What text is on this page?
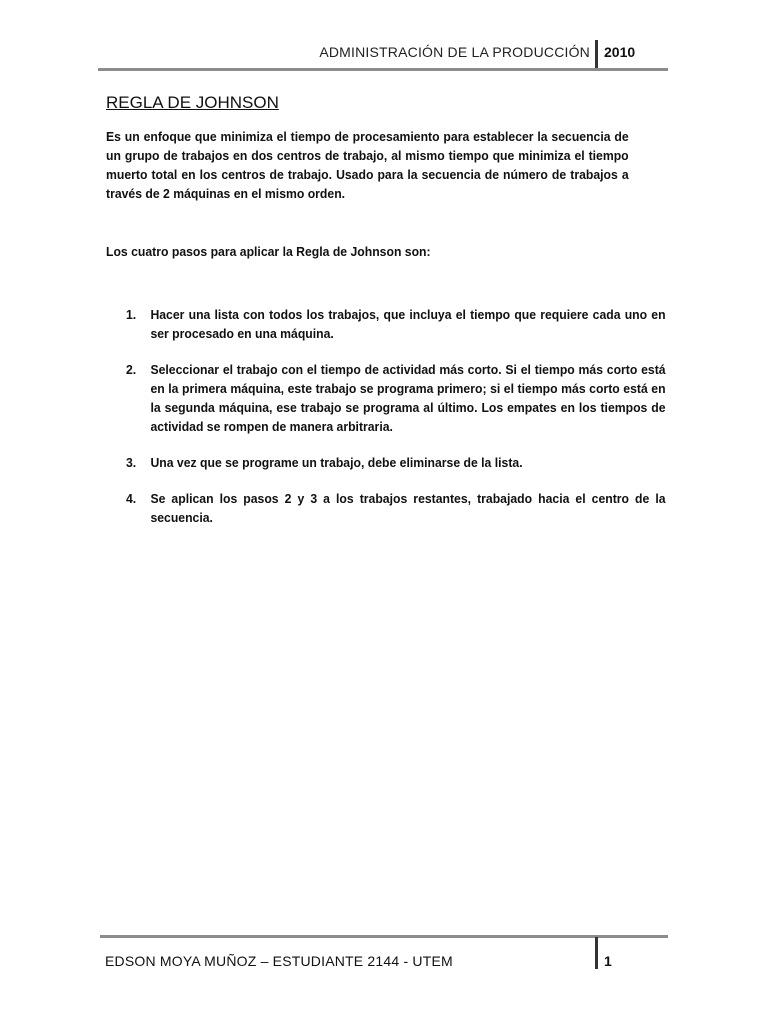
ADMINISTRACIÓN DE LA PRODUCCIÓN 2010
REGLA DE JOHNSON

Es un enfoque que minimiza el tiempo de procesamiento para establecer la secuencia de un grupo de trabajos en dos centros de trabajo, al mismo tiempo que minimiza el tiempo muerto total en los centros de trabajo. Usado para la secuencia de número de trabajos a través de 2 máquinas en el mismo orden.

Los cuatro pasos para aplicar la Regla de Johnson son:

1.	Hacer una lista con todos los trabajos, que incluya el tiempo que requiere cada uno en ser procesado en una máquina.
2.	Seleccionar el trabajo con el tiempo de actividad más corto. Si el tiempo más corto está en la primera máquina, este trabajo se programa primero; si el tiempo más corto está en la segunda máquina, ese trabajo se programa al último. Los empates en los tiempos de actividad se rompen de manera arbitraria.
3.	Una vez que se programe un trabajo, debe eliminarse de la lista.
4.	Se aplican los pasos 2 y 3 a los trabajos restantes, trabajado hacia el centro de la secuencia.
EDSON MOYA MUÑOZ – ESTUDIANTE 2144 - UTEM	1
